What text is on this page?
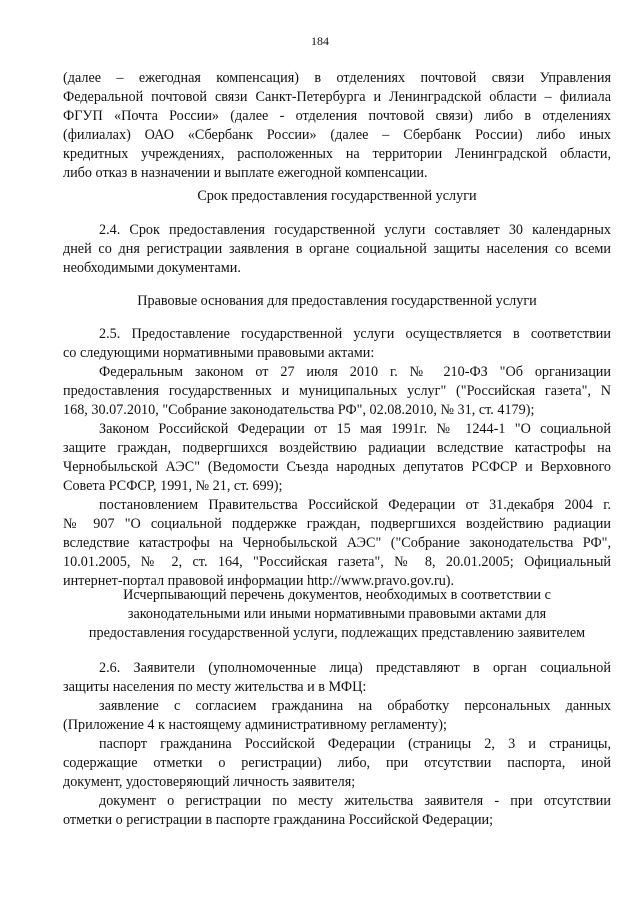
184
(далее – ежегодная компенсация) в отделениях почтовой связи Управления
Федеральной почтовой связи Санкт-Петербурга и Ленинградской области – филиала
ФГУП «Почта России» (далее - отделения почтовой связи) либо в отделениях
(филиалах) ОАО «Сбербанк России» (далее – Сбербанк России) либо иных
кредитных учреждениях, расположенных на территории Ленинградской области,
либо отказ в назначении и выплате ежегодной компенсации.
Срок предоставления государственной услуги
2.4. Срок предоставления государственной услуги составляет 30 календарных
дней со дня регистрации заявления в органе социальной защиты населения со всеми
необходимыми документами.
Правовые основания для предоставления государственной услуги
2.5. Предоставление государственной услуги осуществляется в соответствии
со следующими нормативными правовыми актами:
Федеральным законом от 27 июля 2010 г. № 210-ФЗ "Об организации
предоставления государственных и муниципальных услуг" ("Российская газета", N
168, 30.07.2010, "Собрание законодательства РФ", 02.08.2010, № 31, ст. 4179);
Законом Российской Федерации от 15 мая 1991г. № 1244-1 "О социальной
защите граждан, подвергшихся воздействию радиации вследствие катастрофы на
Чернобыльской АЭС" (Ведомости Съезда народных депутатов РСФСР и Верховного
Совета РСФСР, 1991, № 21, ст. 699);
постановлением Правительства Российской Федерации от 31.декабря 2004 г.
№ 907 "О социальной поддержке граждан, подвергшихся воздействию радиации
вследствие катастрофы на Чернобыльской АЭС" ("Собрание законодательства РФ",
10.01.2005, № 2, ст. 164, "Российская газета", № 8, 20.01.2005; Официальный
интернет-портал правовой информации http://www.pravo.gov.ru).
Исчерпывающий перечень документов, необходимых в соответствии с
законодательными или иными нормативными правовыми актами для
предоставления государственной услуги, подлежащих представлению заявителем
2.6. Заявители (уполномоченные лица) представляют в орган социальной
защиты населения по месту жительства и в МФЦ:
заявление с согласием гражданина на обработку персональных данных
(Приложение 4 к настоящему административному регламенту);
паспорт гражданина Российской Федерации (страницы 2, 3 и страницы,
содержащие отметки о регистрации) либо, при отсутствии паспорта, иной
документ, удостоверяющий личность заявителя;
документ о регистрации по месту жительства заявителя - при отсутствии
отметки о регистрации в паспорте гражданина Российской Федерации;
